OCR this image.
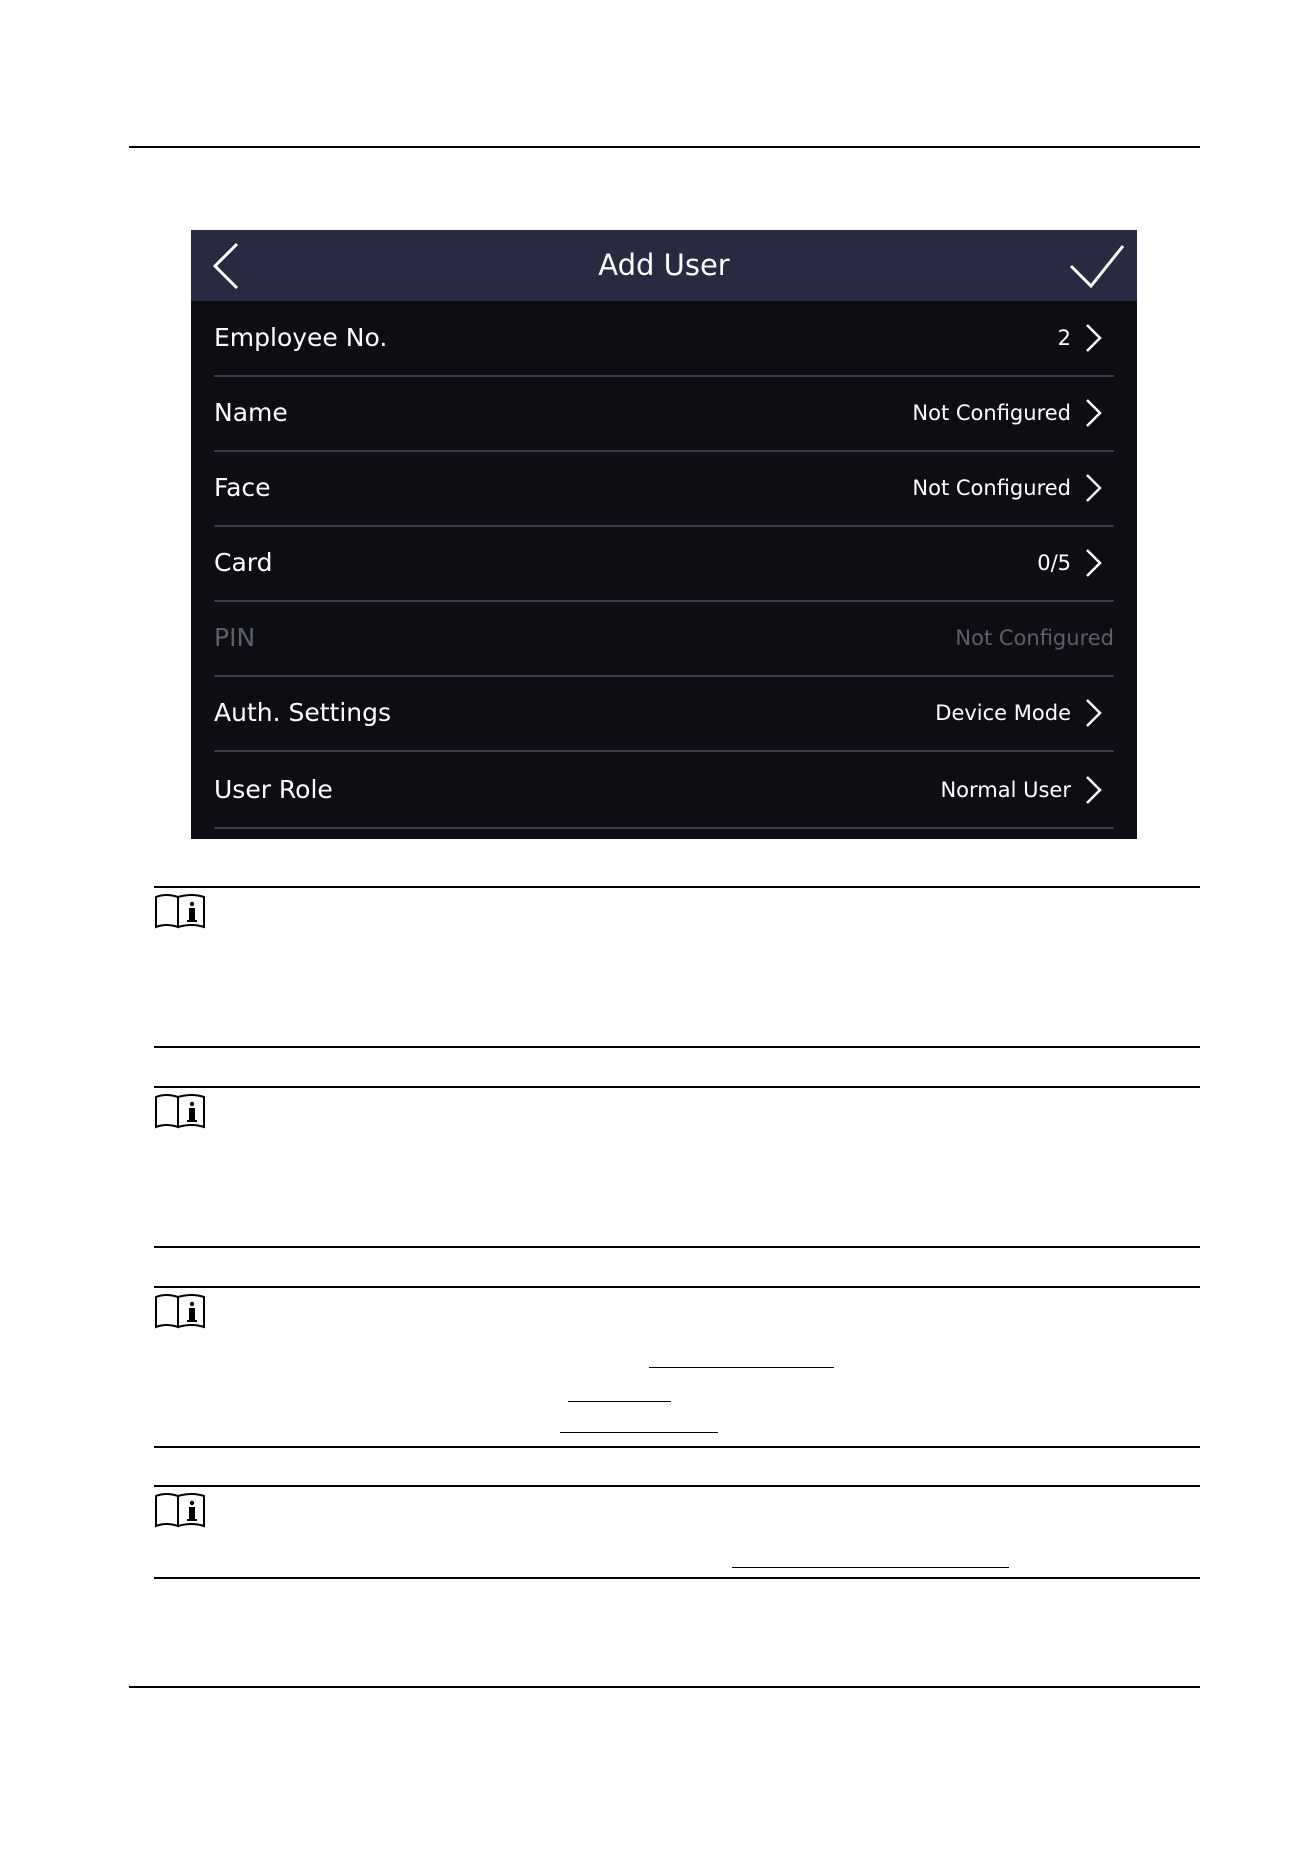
Add User
Employee No.	2
Name	Not Configured
Face	Not Configured
Card	0/5
PIN	Not Configured
Auth. Settings	Device Mode
User Role	Normal User
